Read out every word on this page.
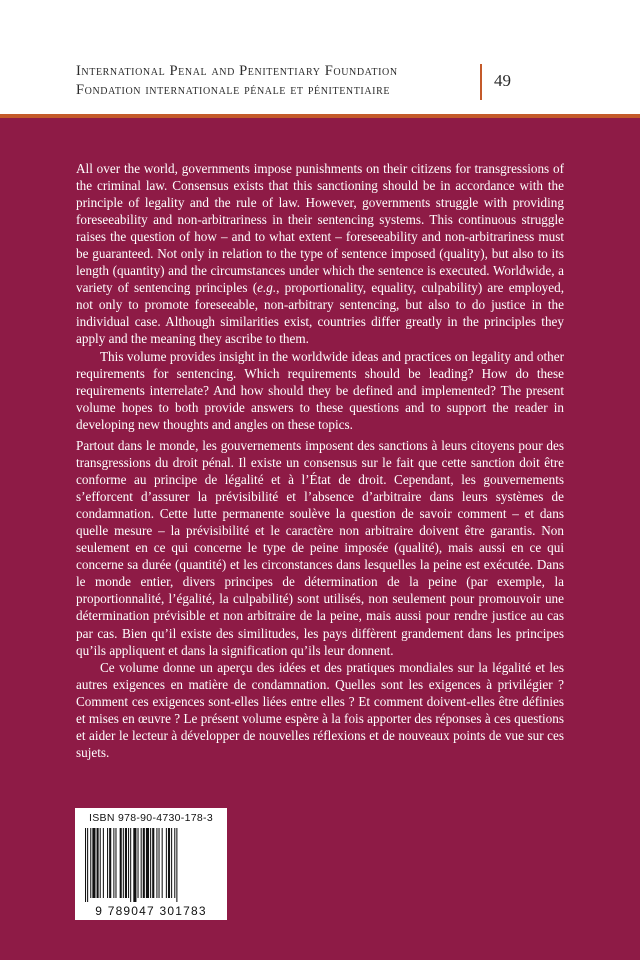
International Penal and Penitentiary Foundation
Fondation internationale pénale et pénitentiaire	49

All over the world, governments impose punishments on their citizens for transgressions of the criminal law. Consensus exists that this sanctioning should be in accordance with the principle of legality and the rule of law. However, governments struggle with providing foreseeability and non-arbitrariness in their sentencing systems. This continuous struggle raises the question of how – and to what extent – foreseeability and non-arbitrariness must be guaranteed. Not only in relation to the type of sentence imposed (quality), but also to its length (quantity) and the circumstances under which the sentence is executed. Worldwide, a variety of sentencing principles (e.g., proportionality, equality, culpability) are employed, not only to promote foreseeable, non-arbitrary sentencing, but also to do justice in the individual case. Although similarities exist, countries differ greatly in the principles they apply and the meaning they ascribe to them.

This volume provides insight in the worldwide ideas and practices on legality and other requirements for sentencing. Which requirements should be leading? How do these requirements interrelate? And how should they be defined and implemented? The present volume hopes to both provide answers to these questions and to support the reader in developing new thoughts and angles on these topics.

Partout dans le monde, les gouvernements imposent des sanctions à leurs citoyens pour des transgressions du droit pénal. Il existe un consensus sur le fait que cette sanction doit être conforme au principe de légalité et à l’État de droit. Cependant, les gouvernements s’efforcent d’assurer la prévisibilité et l’absence d’arbitraire dans leurs systèmes de condamnation. Cette lutte permanente soulève la question de savoir comment – et dans quelle mesure – la prévisibilité et le caractère non arbitraire doivent être garantis. Non seulement en ce qui concerne le type de peine imposée (qualité), mais aussi en ce qui concerne sa durée (quantité) et les circonstances dans lesquelles la peine est exécutée. Dans le monde entier, divers principes de détermination de la peine (par exemple, la proportionnalité, l’égalité, la culpabilité) sont utilisés, non seulement pour promouvoir une détermination prévisible et non arbitraire de la peine, mais aussi pour rendre justice au cas par cas. Bien qu’il existe des similitudes, les pays diffèrent grandement dans les principes qu’ils appliquent et dans la signification qu’ils leur donnent.

Ce volume donne un aperçu des idées et des pratiques mondiales sur la légalité et les autres exigences en matière de condamnation. Quelles sont les exigences à privilégier ? Comment ces exigences sont-elles liées entre elles ? Et comment doivent-elles être définies et mises en œuvre ? Le présent volume espère à la fois apporter des réponses à ces questions et aider le lecteur à développer de nouvelles réflexions et de nouveaux points de vue sur ces sujets.

ISBN 978-90-4730-178-3
9 789047 301783
